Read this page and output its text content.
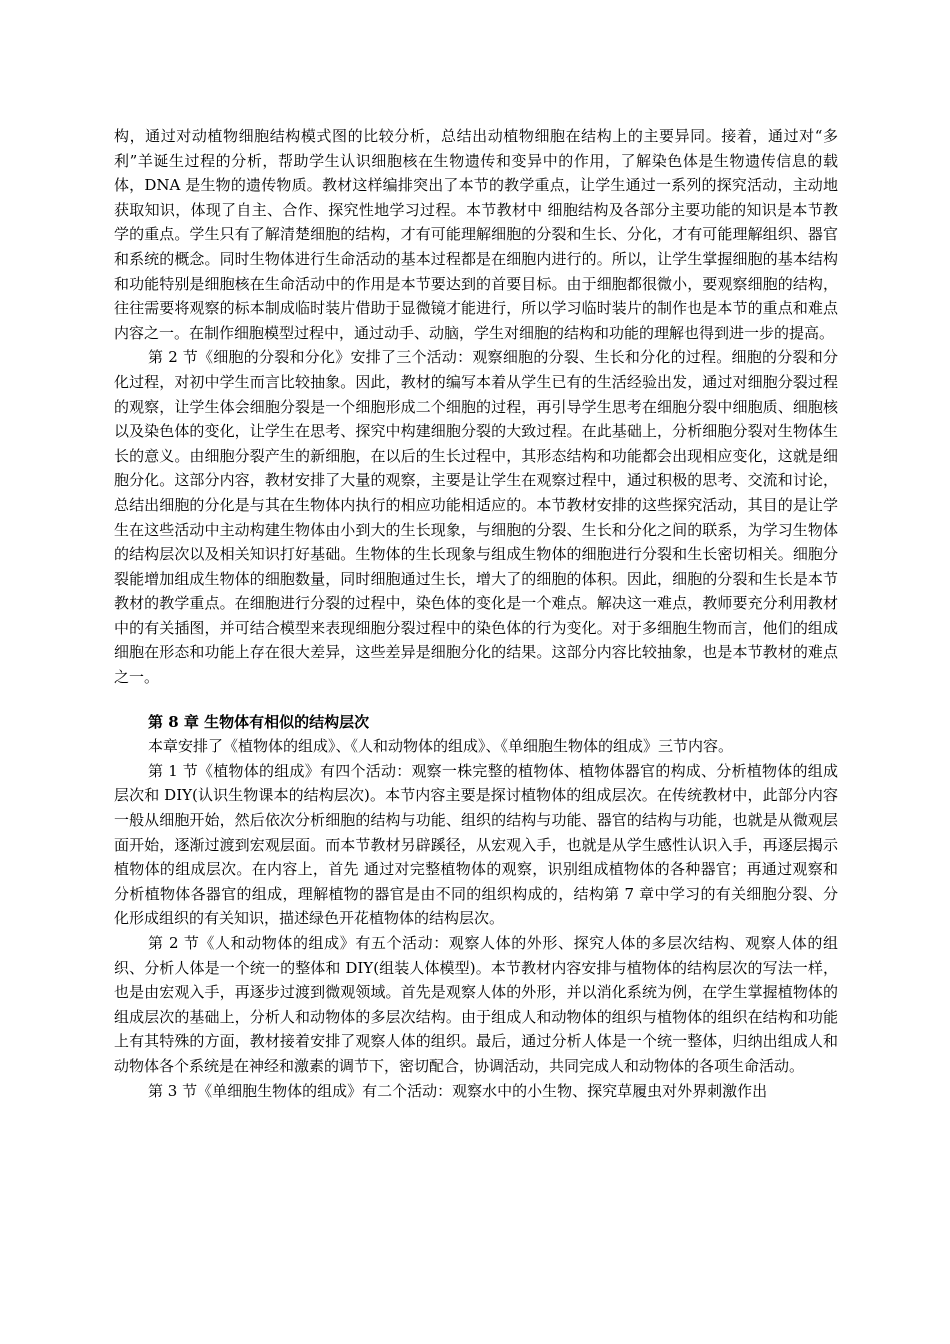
构，通过对动植物细胞结构模式图的比较分析，总结出动植物细胞在结构上的主要异同。接着，通过对“多利”羊诞生过程的分析，帮助学生认识细胞核在生物遗传和变异中的作用，了解染色体是生物遗传信息的载体，DNA 是生物的遗传物质。教材这样编排突出了本节的教学重点，让学生通过一系列的探究活动，主动地获取知识，体现了自主、合作、探究性地学习过程。本节教材中 细胞结构及各部分主要功能的知识是本节教学的重点。学生只有了解清楚细胞的结构，才有可能理解细胞的分裂和生长、分化，才有可能理解组织、器官和系统的概念。同时生物体进行生命活动的基本过程都是在细胞内进行的。所以，让学生掌握细胞的基本结构和功能特别是细胞核在生命活动中的作用是本节要达到的首要目标。由于细胞都很微小，要观察细胞的结构，往往需要将观察的标本制成临时装片借助于显微镜才能进行，所以学习临时装片的制作也是本节的重点和难点内容之一。在制作细胞模型过程中，通过动手、动脑，学生对细胞的结构和功能的理解也得到进一步的提高。

第 2 节《细胞的分裂和分化》安排了三个活动：观察细胞的分裂、生长和分化的过程。细胞的分裂和分化过程，对初中学生而言比较抽象。因此，教材的编写本着从学生已有的生活经验出发，通过对细胞分裂过程的观察，让学生体会细胞分裂是一个细胞形成二个细胞的过程，再引导学生思考在细胞分裂中细胞质、细胞核以及染色体的变化，让学生在思考、探究中构建细胞分裂的大致过程。在此基础上，分析细胞分裂对生物体生长的意义。由细胞分裂产生的新细胞，在以后的生长过程中，其形态结构和功能都会出现相应变化，这就是细胞分化。这部分内容，教材安排了大量的观察，主要是让学生在观察过程中，通过积极的思考、交流和讨论，总结出细胞的分化是与其在生物体内执行的相应功能相适应的。本节教材安排的这些探究活动，其目的是让学生在这些活动中主动构建生物体由小到大的生长现象，与细胞的分裂、生长和分化之间的联系，为学习生物体的结构层次以及相关知识打好基础。生物体的生长现象与组成生物体的细胞进行分裂和生长密切相关。细胞分裂能增加组成生物体的细胞数量，同时细胞通过生长，增大了的细胞的体积。因此，细胞的分裂和生长是本节教材的教学重点。在细胞进行分裂的过程中，染色体的变化是一个难点。解决这一难点，教师要充分利用教材中的有关插图，并可结合模型来表现细胞分裂过程中的染色体的行为变化。对于多细胞生物而言，他们的组成细胞在形态和功能上存在很大差异，这些差异是细胞分化的结果。这部分内容比较抽象，也是本节教材的难点之一。

第 8 章 生物体有相似的结构层次

本章安排了《植物体的组成》、《人和动物体的组成》、《单细胞生物体的组成》三节内容。

第 1 节《植物体的组成》有四个活动：观察一株完整的植物体、植物体器官的构成、分析植物体的组成层次和 DIY(认识生物课本的结构层次)。本节内容主要是探讨植物体的组成层次。在传统教材中，此部分内容一般从细胞开始，然后依次分析细胞的结构与功能、组织的结构与功能、器官的结构与功能，也就是从微观层面开始，逐渐过渡到宏观层面。而本节教材另辟蹊径，从宏观入手，也就是从学生感性认识入手，再逐层揭示植物体的组成层次。在内容上，首先 通过对完整植物体的观察，识别组成植物体的各种器官；再通过观察和分析植物体各器官的组成，理解植物的器官是由不同的组织构成的，结构第 7 章中学习的有关细胞分裂、分化形成组织的有关知识，描述绿色开花植物体的结构层次。

第 2 节《人和动物体的组成》有五个活动：观察人体的外形、探究人体的多层次结构、观察人体的组织、分析人体是一个统一的整体和 DIY(组装人体模型)。本节教材内容安排与植物体的结构层次的写法一样，也是由宏观入手，再逐步过渡到微观领域。首先是观察人体的外形，并以消化系统为例，在学生掌握植物体的组成层次的基础上，分析人和动物体的多层次结构。由于组成人和动物体的组织与植物体的组织在结构和功能上有其特殊的方面，教材接着安排了观察人体的组织。最后，通过分析人体是一个统一整体，归纳出组成人和动物体各个系统是在神经和激素的调节下，密切配合，协调活动，共同完成人和动物体的各项生命活动。

第 3 节《单细胞生物体的组成》有二个活动：观察水中的小生物、探究草履虫对外界刺激作出
